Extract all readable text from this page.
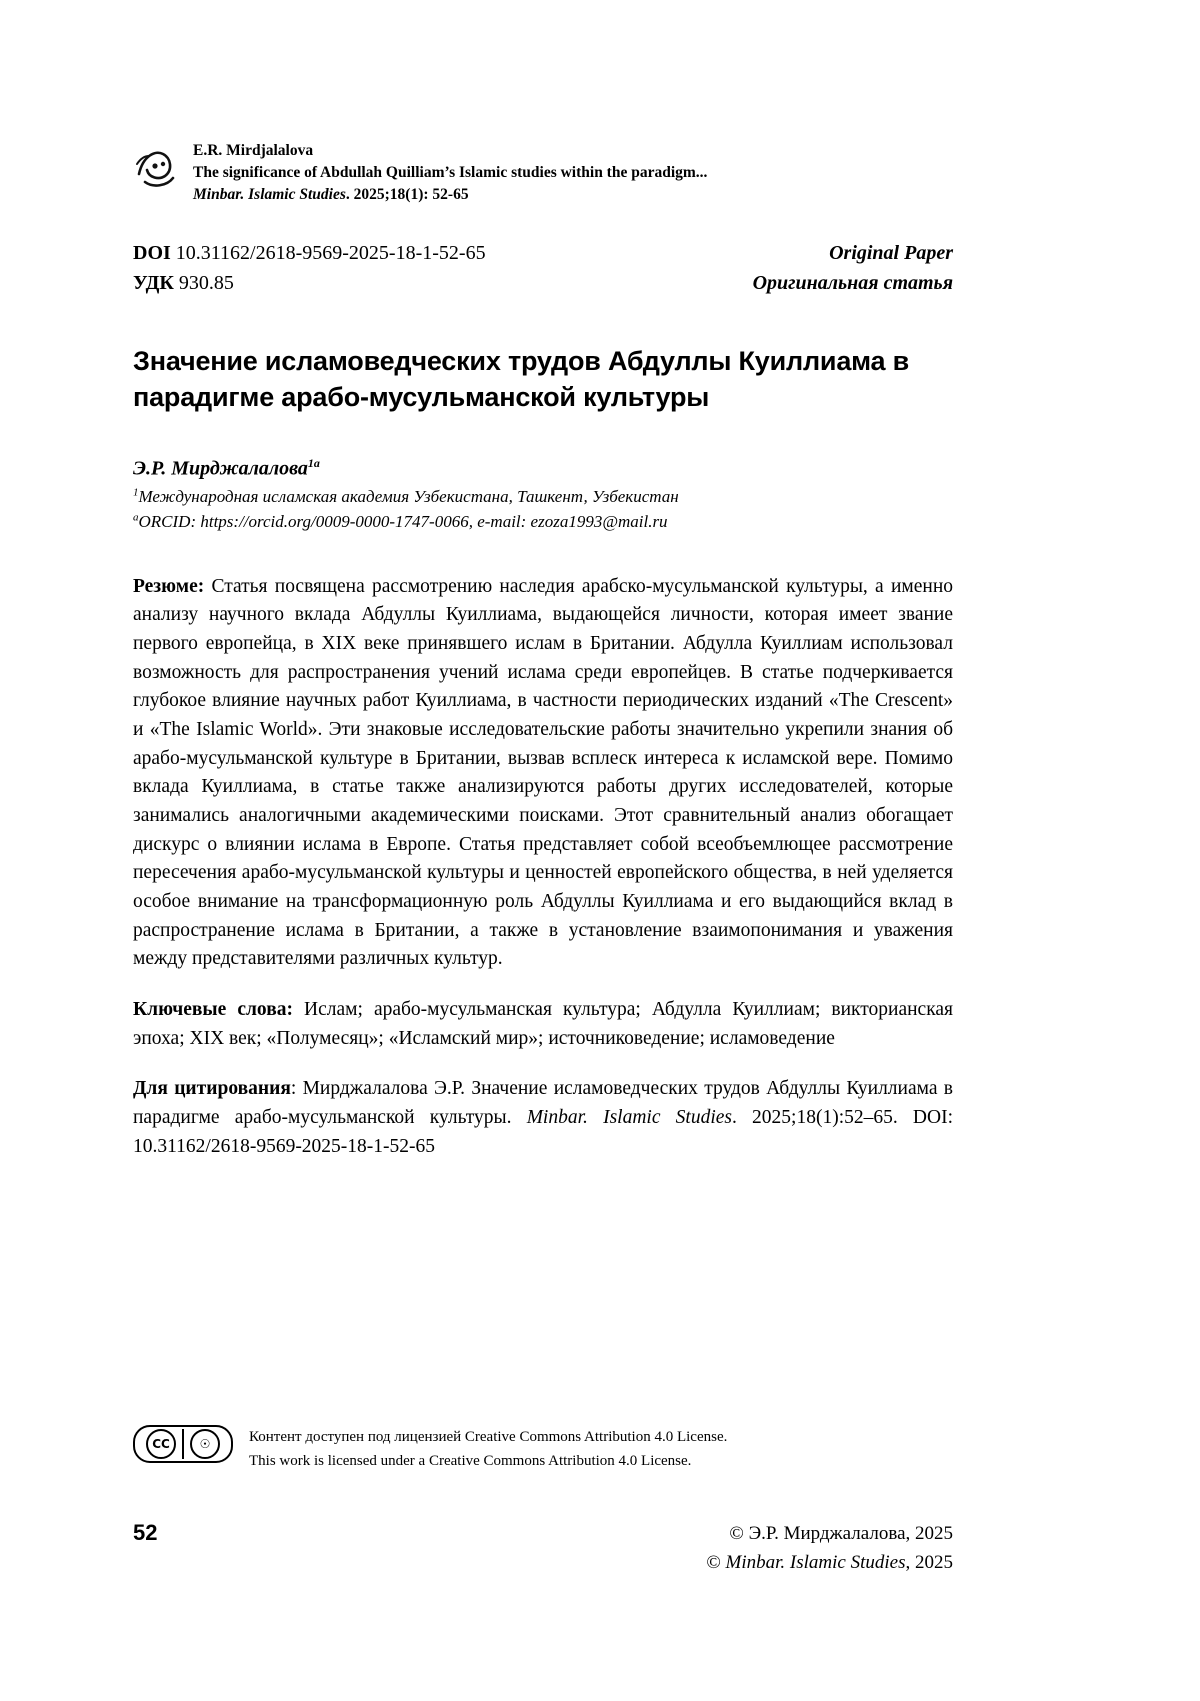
E.R. Mirdjalalova
The significance of Abdullah Quilliam’s Islamic studies within the paradigm...
Minbar. Islamic Studies. 2025;18(1): 52-65
DOI 10.31162/2618-9569-2025-18-1-52-65
УДК 930.85
Original Paper
Оригинальная статья
Значение исламоведческих трудов Абдуллы Куиллиама в парадигме арабо-мусульманской культуры
Э.Р. Мирджалалова$^{1а}$
$^1$Международная исламская академия Узбекистана, Ташкент, Узбекистан
$^а$ORCID: https://orcid.org/0009-0000-1747-0066, e-mail: ezoza1993@mail.ru
Резюме: Статья посвящена рассмотрению наследия арабско-мусульманской культуры, а именно анализу научного вклада Абдуллы Куиллиама, выдающейся личности, которая имеет звание первого европейца, в XIX веке принявшего ислам в Британии. Абдулла Куиллиам использовал возможность для распространения учений ислама среди европейцев. В статье подчеркивается глубокое влияние научных работ Куиллиама, в частности периодических изданий «The Crescent» и «The Islamic World». Эти знаковые исследовательские работы значительно укрепили знания об арабо-мусульманской культуре в Британии, вызвав всплеск интереса к исламской вере. Помимо вклада Куиллиама, в статье также анализируются работы других исследователей, которые занимались аналогичными академическими поисками. Этот сравнительный анализ обогащает дискурс о влиянии ислама в Европе. Статья представляет собой всеобъемлющее рассмотрение пересечения арабо-мусульманской культуры и ценностей европейского общества, в ней уделяется особое внимание на трансформационную роль Абдуллы Куиллиама и его выдающийся вклад в распространение ислама в Британии, а также в установление взаимопонимания и уважения между представителями различных культур.
Ключевые слова: Ислам; арабо-мусульманская культура; Абдулла Куиллиам; викторианская эпоха; XIX век; «Полумесяц»; «Исламский мир»; источниковедение; исламоведение
Для цитирования: Мирджалалова Э.Р. Значение исламоведческих трудов Абдуллы Куиллиама в парадигме арабо-мусульманской культуры. Minbar. Islamic Studies. 2025;18(1):52–65. DOI: 10.31162/2618-9569-2025-18-1-52-65
CC	☉	Контент доступен под лицензией Creative Commons Attribution 4.0 License.
This work is licensed under a Creative Commons Attribution 4.0 License.
52	© Э.Р. Мирджалалова, 2025
© Minbar. Islamic Studies, 2025
